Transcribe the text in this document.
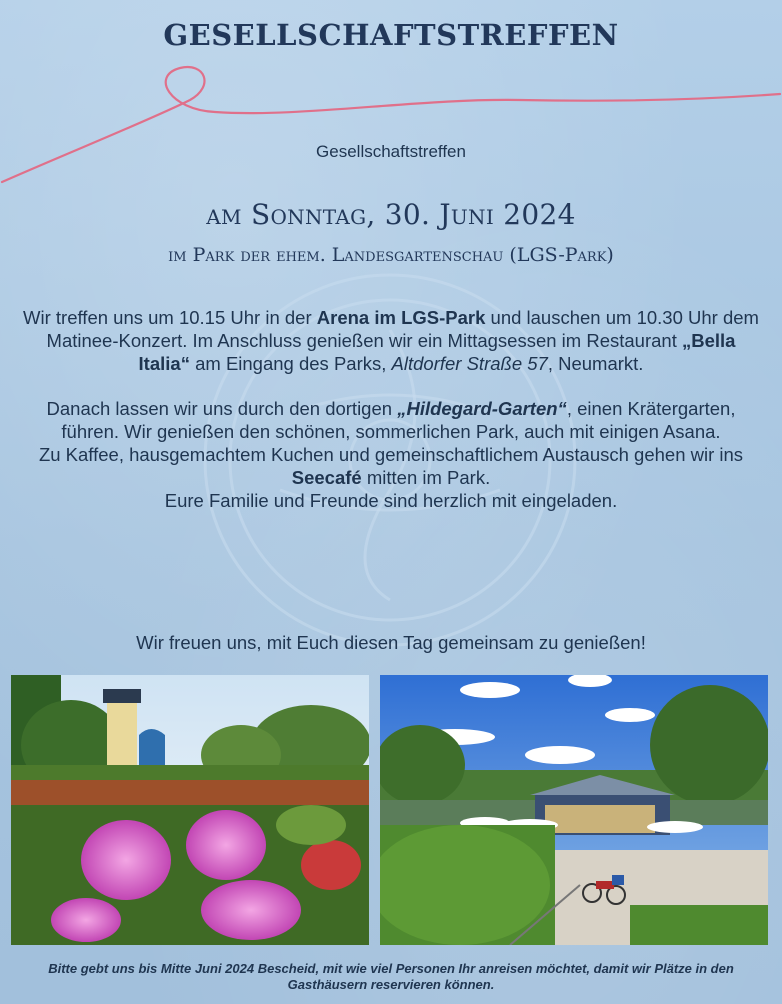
GESELLSCHAFTSTREFFEN
Gesellschaftstreffen
am Sonntag, 30. Juni 2024
im Park der ehem. Landesgartenschau (LGS-Park)

Wir treffen uns um 10.15 Uhr in der Arena im LGS-Park und lauschen um 10.30 Uhr dem Matinee-Konzert. Im Anschluss genießen wir ein Mittagsessen im Restaurant „Bella Italia“ am Eingang des Parks, Altdorfer Straße 57, Neumarkt.

Danach lassen wir uns durch den dortigen „Hildegard-Garten“, einen Krätergarten, führen. Wir genießen den schönen, sommerlichen Park, auch mit einigen Asana.
Zu Kaffee, hausgemachtem Kuchen und gemeinschaftlichem Austausch gehen wir ins Seecafé mitten im Park.
Eure Familie und Freunde sind herzlich mit eingeladen.

Wir freuen uns, mit Euch diesen Tag gemeinsam zu genießen!
Bitte gebt uns bis Mitte Juni 2024 Bescheid, mit wie viel Personen Ihr anreisen möchtet, damit wir Plätze in den Gasthäusern reservieren können.
